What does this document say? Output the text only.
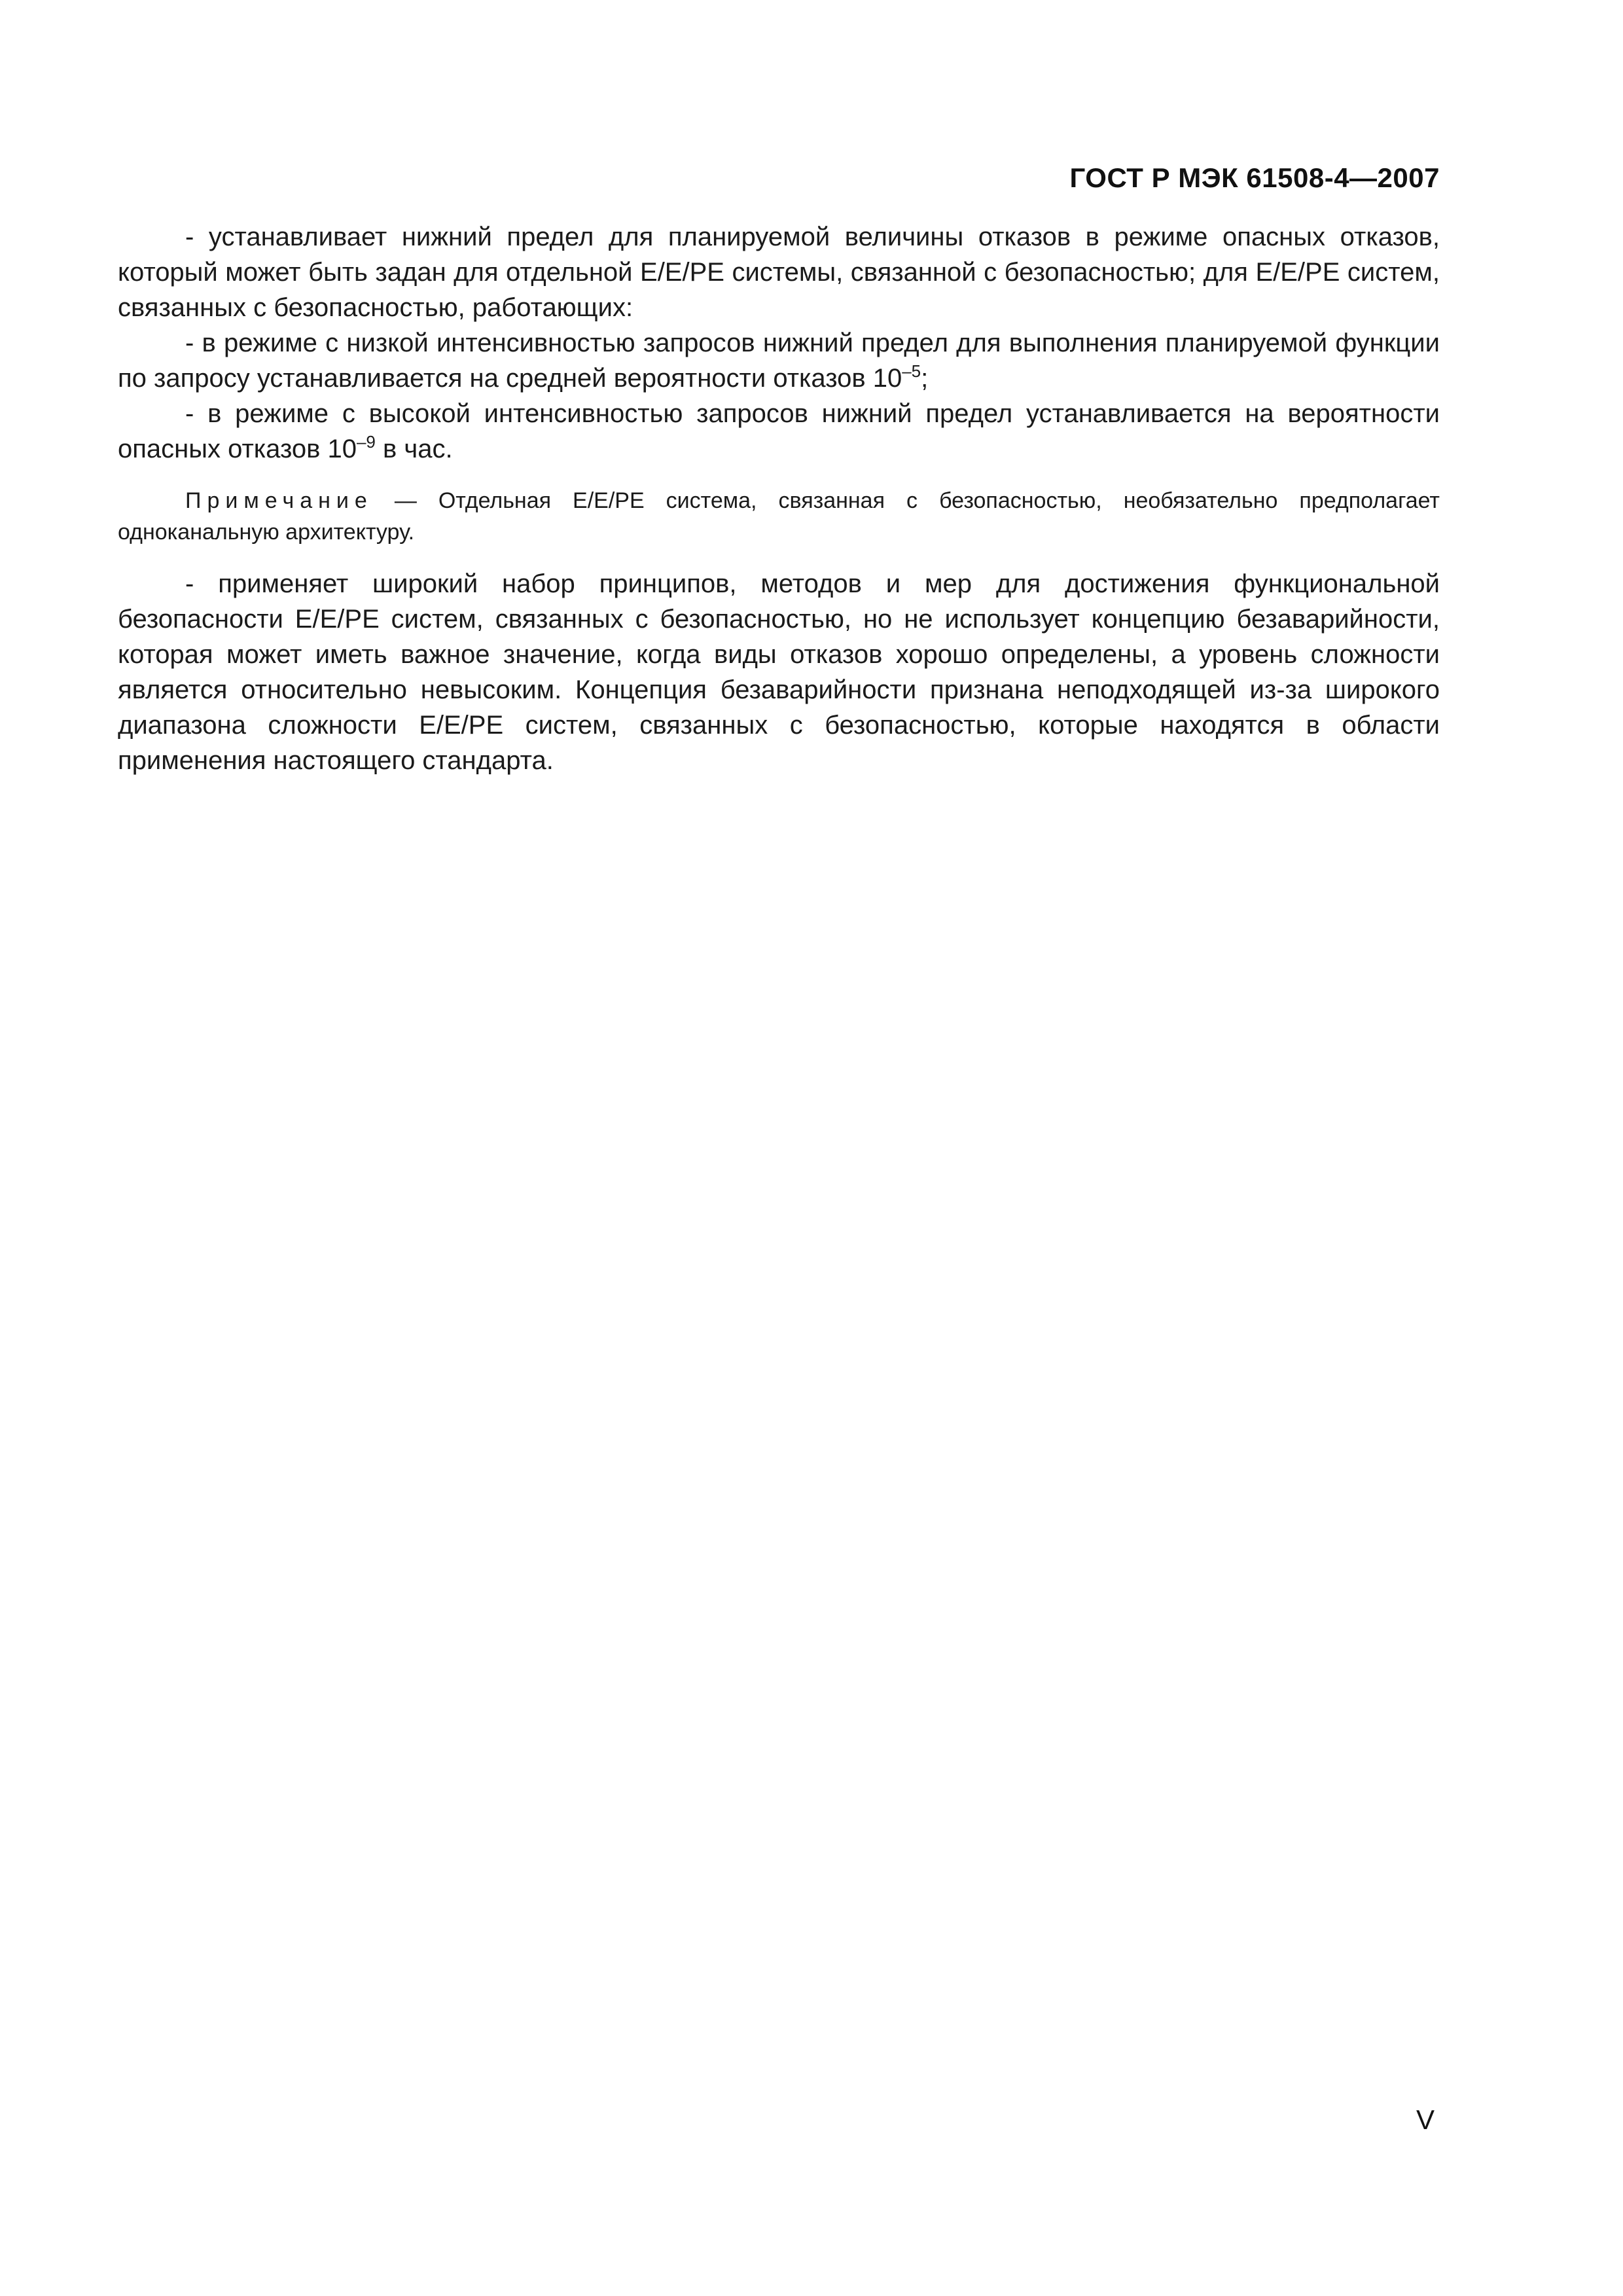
ГОСТ Р МЭК 61508-4—2007

- устанавливает нижний предел для планируемой величины отказов в режиме опасных отказов, который может быть задан для отдельной E/E/PE системы, связанной с безопасностью; для E/E/PE систем, связанных с безопасностью, работающих:

- в режиме с низкой интенсивностью запросов нижний предел для выполнения планируемой функции по запросу устанавливается на средней вероятности отказов $10^{-5}$;

- в режиме с высокой интенсивностью запросов нижний предел устанавливается на вероятности опасных отказов $10^{-9}$ в час.

Примечание — Отдельная E/E/PE система, связанная с безопасностью, необязательно предполагает одноканальную архитектуру.

- применяет широкий набор принципов, методов и мер для достижения функциональной безопасности E/E/PE систем, связанных с безопасностью, но не использует концепцию безаварийности, которая может иметь важное значение, когда виды отказов хорошо определены, а уровень сложности является относительно невысоким. Концепция безаварийности признана неподходящей из-за широкого диапазона сложности E/E/PE систем, связанных с безопасностью, которые находятся в области применения настоящего стандарта.

V
